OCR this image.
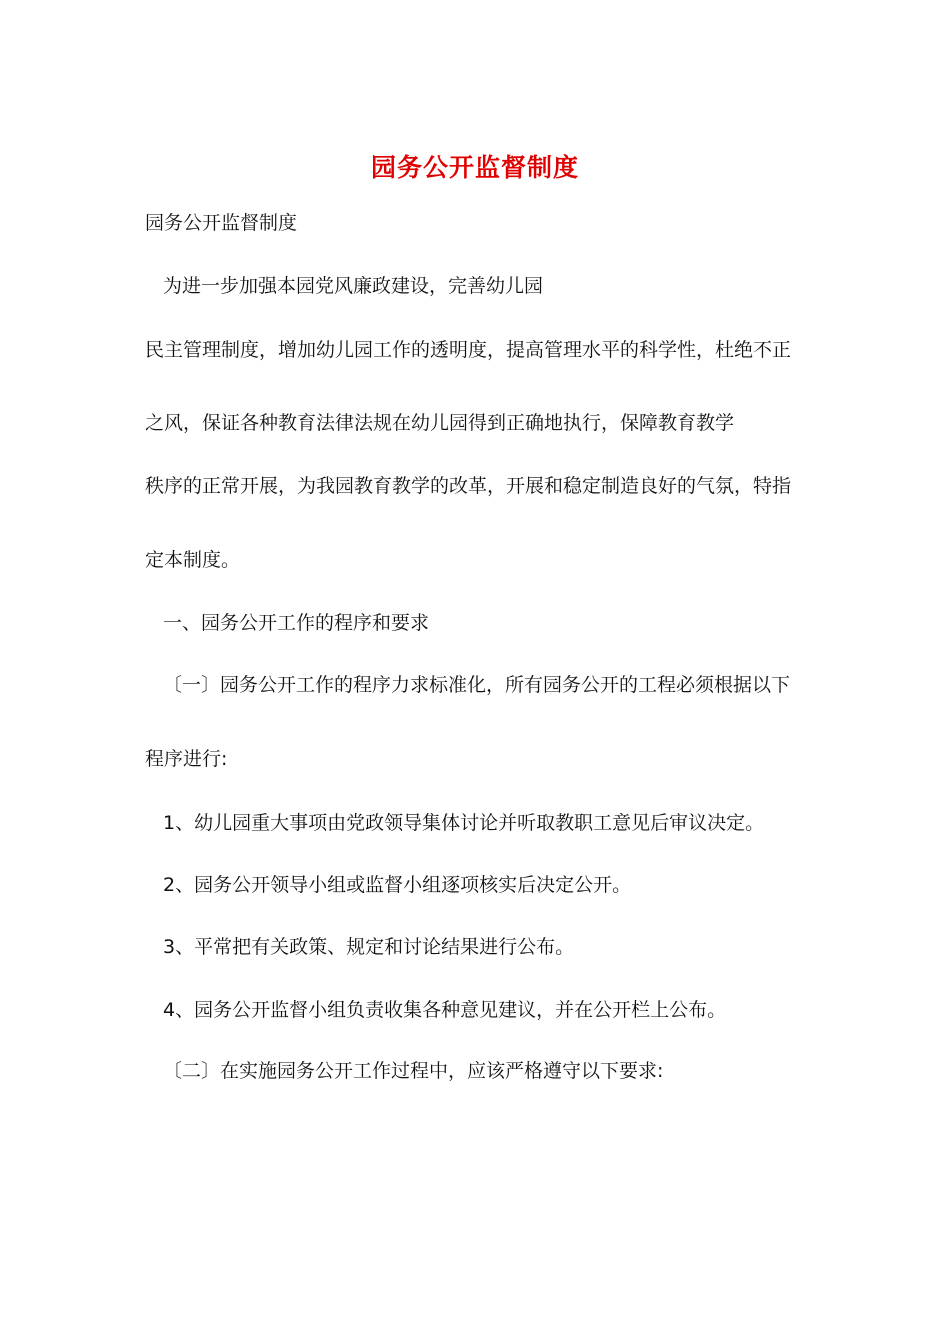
园务公开监督制度
园务公开监督制度
为进一步加强本园党风廉政建设，完善幼儿园
民主管理制度，增加幼儿园工作的透明度，提高管理水平的科学性，杜绝不正
之风，保证各种教育法律法规在幼儿园得到正确地执行，保障教育教学
秩序的正常开展，为我园教育教学的改革，开展和稳定制造良好的气氛，特指
定本制度。
一、园务公开工作的程序和要求
〔一〕园务公开工作的程序力求标准化，所有园务公开的工程必须根据以下
程序进行:
1、幼儿园重大事项由党政领导集体讨论并听取教职工意见后审议决定。
2、园务公开领导小组或监督小组逐项核实后决定公开。
3、平常把有关政策、规定和讨论结果进行公布。
4、园务公开监督小组负责收集各种意见建议，并在公开栏上公布。
〔二〕在实施园务公开工作过程中，应该严格遵守以下要求:
